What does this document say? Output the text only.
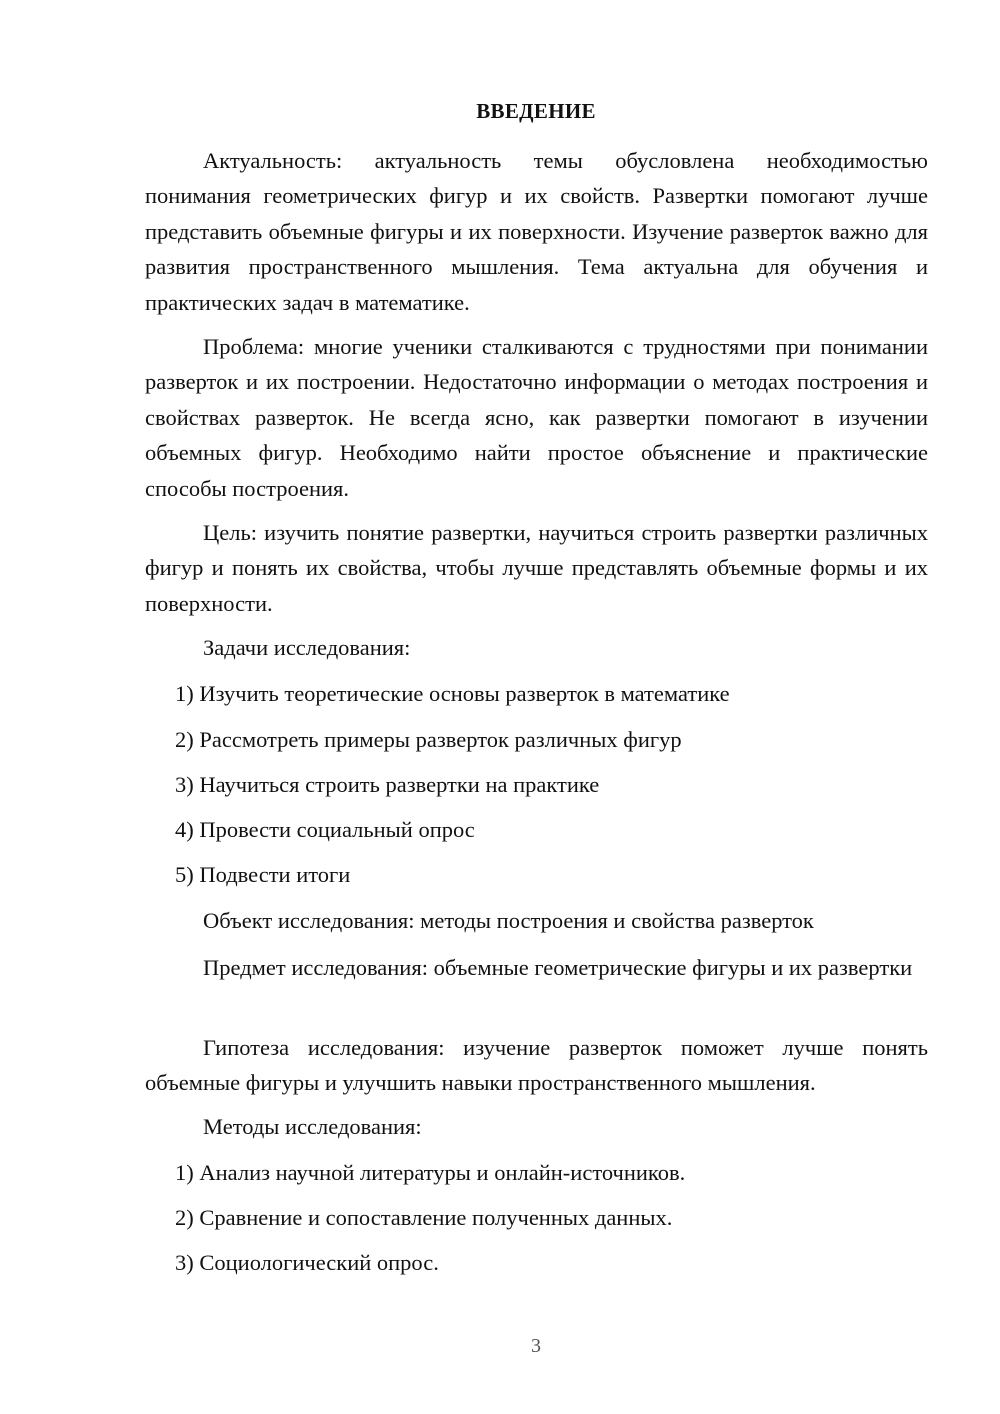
ВВЕДЕНИЕ

Актуальность: актуальность темы обусловлена необходимостью понимания геометрических фигур и их свойств. Развертки помогают лучше представить объемные фигуры и их поверхности. Изучение разверток важно для развития пространственного мышления. Тема актуальна для обучения и практических задач в математике.

Проблема: многие ученики сталкиваются с трудностями при понимании разверток и их построении. Недостаточно информации о методах построения и свойствах разверток. Не всегда ясно, как развертки помогают в изучении объемных фигур. Необходимо найти простое объяснение и практические способы построения.

Цель: изучить понятие развертки, научиться строить развертки различных фигур и понять их свойства, чтобы лучше представлять объемные формы и их поверхности.

Задачи исследования:
1) Изучить теоретические основы разверток в математике
2) Рассмотреть примеры разверток различных фигур
3) Научиться строить развертки на практике
4) Провести социальный опрос
5) Подвести итоги
Объект исследования: методы построения и свойства разверток

Предмет исследования: объемные геометрические фигуры и их развертки

Гипотеза исследования: изучение разверток поможет лучше понять объемные фигуры и улучшить навыки пространственного мышления.

Методы исследования:
1) Анализ научной литературы и онлайн-источников.
2) Сравнение и сопоставление полученных данных.
3) Социологический опрос.
3
